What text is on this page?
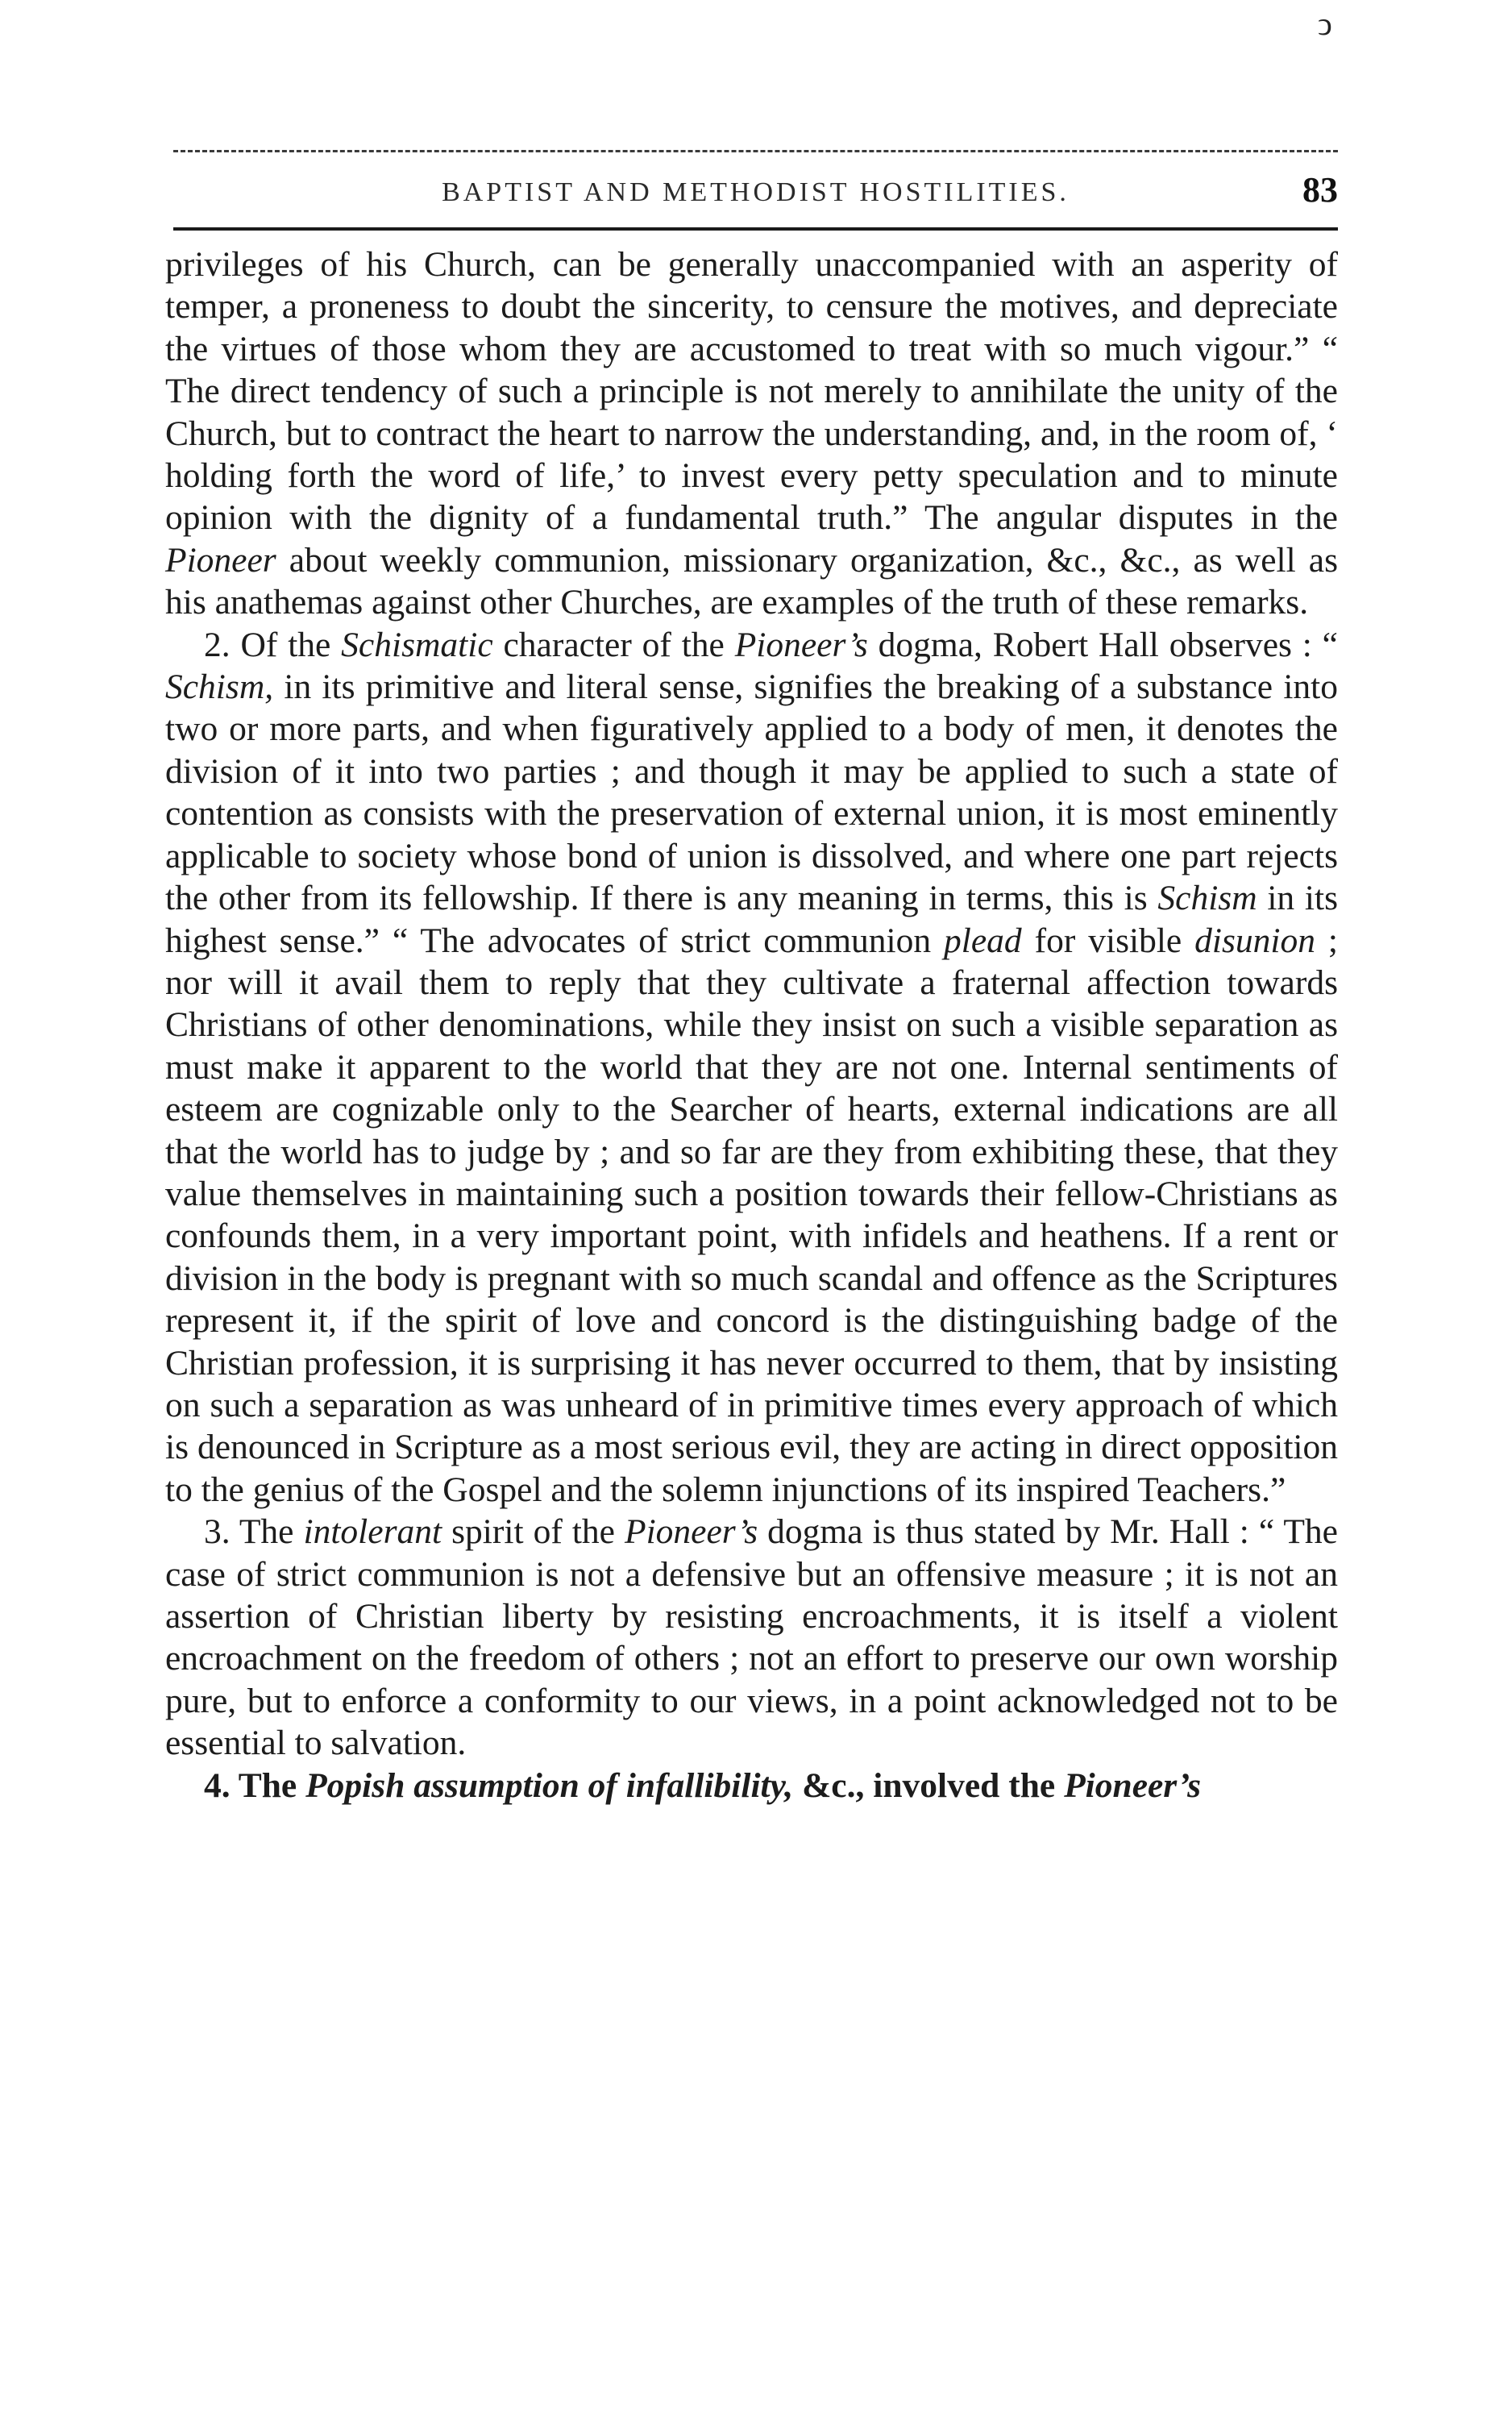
ↄ
BAPTIST AND METHODIST HOSTILITIES.	83

privileges of his Church, can be generally unaccompanied with an asperity of temper, a proneness to doubt the sincerity, to censure the motives, and depreciate the virtues of those whom they are accustomed to treat with so much vigour.” “ The direct tendency of such a principle is not merely to annihilate the unity of the Church, but to contract the heart to narrow the understanding, and, in the room of, ‘ holding forth the word of life,’ to invest every petty speculation and to minute opinion with the dignity of a fundamental truth.” The angular disputes in the Pioneer about weekly communion, missionary organization, &c., &c., as well as his anathemas against other Churches, are examples of the truth of these remarks.

2. Of the Schismatic character of the Pioneer’s dogma, Robert Hall observes : “ Schism, in its primitive and literal sense, signifies the breaking of a substance into two or more parts, and when figuratively applied to a body of men, it denotes the division of it into two parties ; and though it may be applied to such a state of contention as consists with the preservation of external union, it is most eminently applicable to society whose bond of union is dissolved, and where one part rejects the other from its fellowship. If there is any meaning in terms, this is Schism in its highest sense.” “ The advocates of strict communion plead for visible disunion ; nor will it avail them to reply that they cultivate a fraternal affection towards Christians of other denominations, while they insist on such a visible separation as must make it apparent to the world that they are not one. Internal sentiments of esteem are cognizable only to the Searcher of hearts, external indications are all that the world has to judge by ; and so far are they from exhibiting these, that they value themselves in maintaining such a position towards their fellow-Christians as confounds them, in a very important point, with infidels and heathens. If a rent or division in the body is pregnant with so much scandal and offence as the Scriptures represent it, if the spirit of love and concord is the distinguishing badge of the Christian profession, it is surprising it has never occurred to them, that by insisting on such a separation as was unheard of in primitive times every approach of which is denounced in Scripture as a most serious evil, they are acting in direct opposition to the genius of the Gospel and the solemn injunctions of its inspired Teachers.”

3. The intolerant spirit of the Pioneer’s dogma is thus stated by Mr. Hall : “ The case of strict communion is not a defensive but an offensive measure ; it is not an assertion of Christian liberty by resisting encroachments, it is itself a violent encroachment on the freedom of others ; not an effort to preserve our own worship pure, but to enforce a conformity to our views, in a point acknowledged not to be essential to salvation.

4. The Popish assumption of infallibility, &c., involved the Pioneer’s
